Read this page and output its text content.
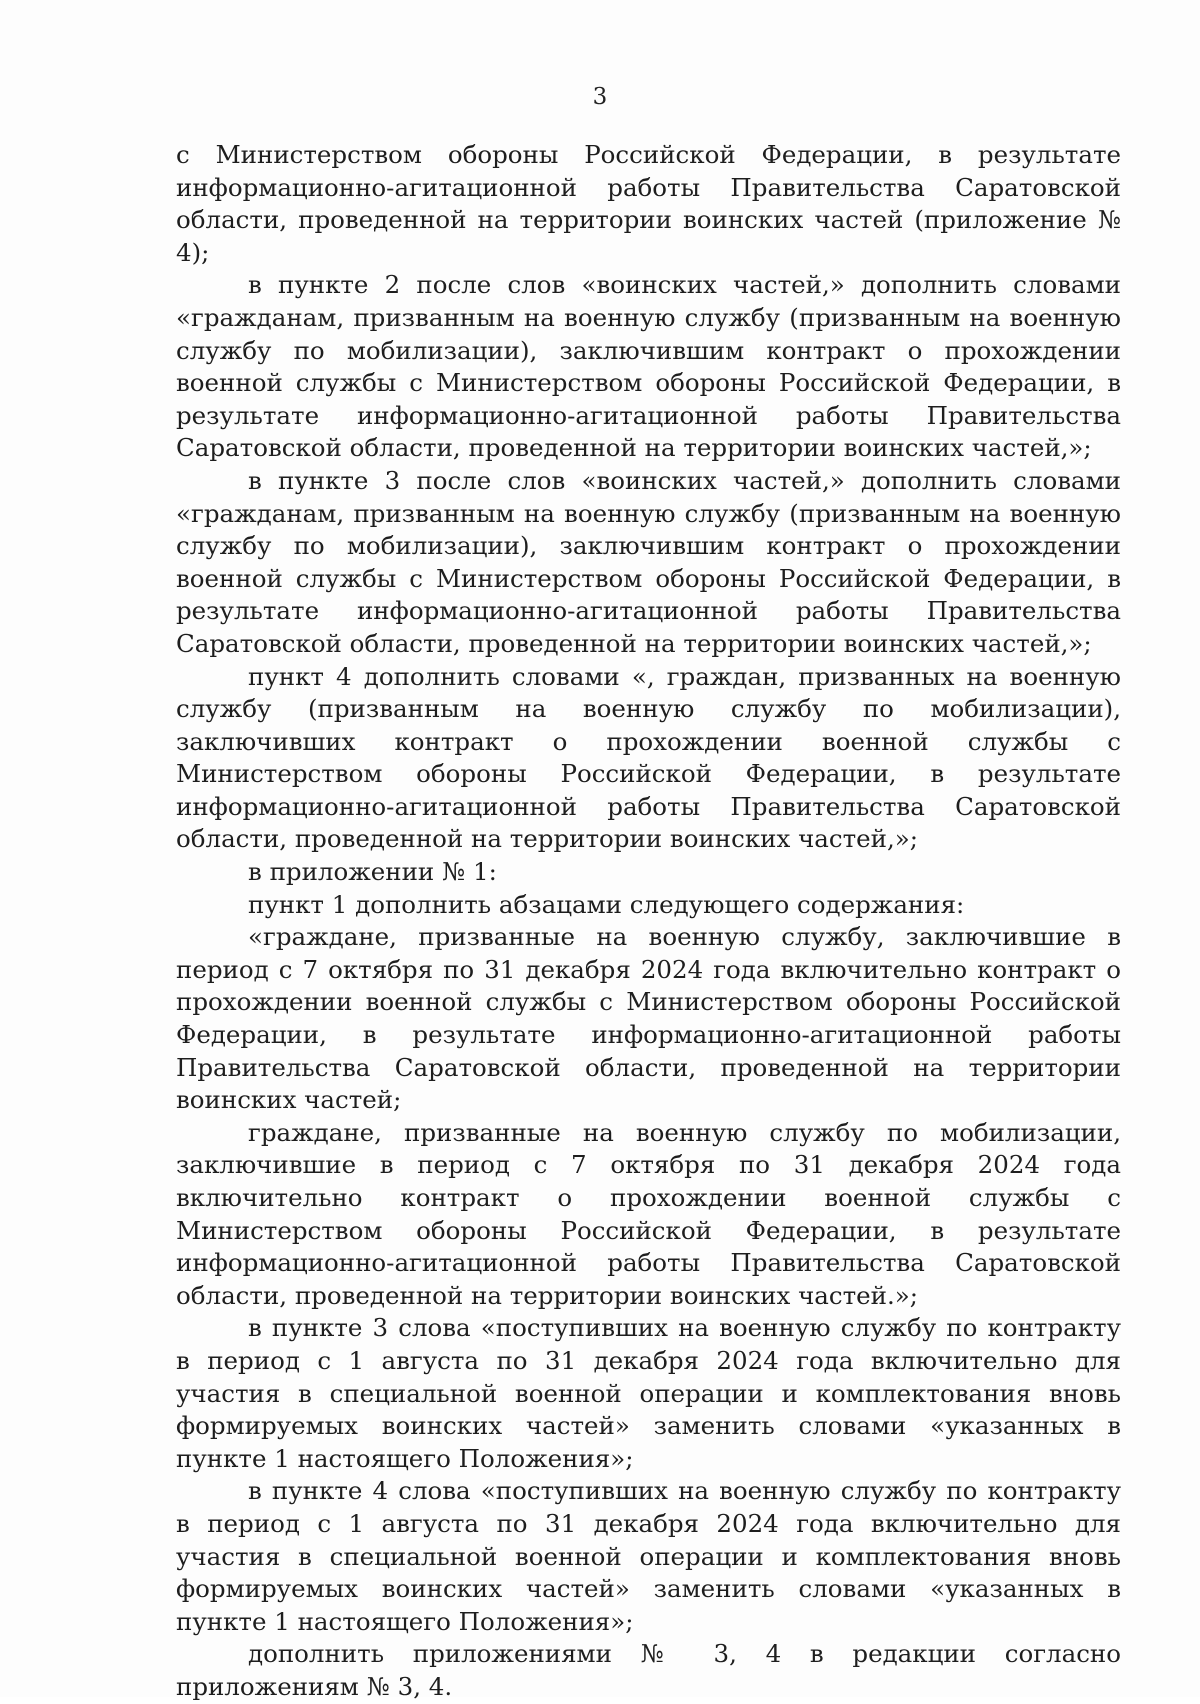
3

с Министерством обороны Российской Федерации, в результате информационно-агитационной работы Правительства Саратовской области, проведенной на территории воинских частей (приложение № 4);

в пункте 2 после слов «воинских частей,» дополнить словами «гражданам, призванным на военную службу (призванным на военную службу по мобилизации), заключившим контракт о прохождении военной службы с Министерством обороны Российской Федерации, в результате информационно-агитационной работы Правительства Саратовской области, проведенной на территории воинских частей,»;

в пункте 3 после слов «воинских частей,» дополнить словами «гражданам, призванным на военную службу (призванным на военную службу по мобилизации), заключившим контракт о прохождении военной службы с Министерством обороны Российской Федерации, в результате информационно-агитационной работы Правительства Саратовской области, проведенной на территории воинских частей,»;

пункт 4 дополнить словами «, граждан, призванных на военную службу (призванным на военную службу по мобилизации), заключивших контракт о прохождении военной службы с Министерством обороны Российской Федерации, в результате информационно-агитационной работы Правительства Саратовской области, проведенной на территории воинских частей,»;

в приложении № 1:

пункт 1 дополнить абзацами следующего содержания:

«граждане, призванные на военную службу, заключившие в период с 7 октября по 31 декабря 2024 года включительно контракт о прохождении военной службы с Министерством обороны Российской Федерации, в результате информационно-агитационной работы Правительства Саратовской области, проведенной на территории воинских частей;

граждане, призванные на военную службу по мобилизации, заключившие в период с 7 октября по 31 декабря 2024 года включительно контракт о прохождении военной службы с Министерством обороны Российской Федерации, в результате информационно-агитационной работы Правительства Саратовской области, проведенной на территории воинских частей.»;

в пункте 3 слова «поступивших на военную службу по контракту в период с 1 августа по 31 декабря 2024 года включительно для участия в специальной военной операции и комплектования вновь формируемых воинских частей» заменить словами «указанных в пункте 1 настоящего Положения»;

в пункте 4 слова «поступивших на военную службу по контракту в период с 1 августа по 31 декабря 2024 года включительно для участия в специальной военной операции и комплектования вновь формируемых воинских частей» заменить словами «указанных в пункте 1 настоящего Положения»;

дополнить приложениями № 3, 4 в редакции согласно приложениям № 3, 4.
